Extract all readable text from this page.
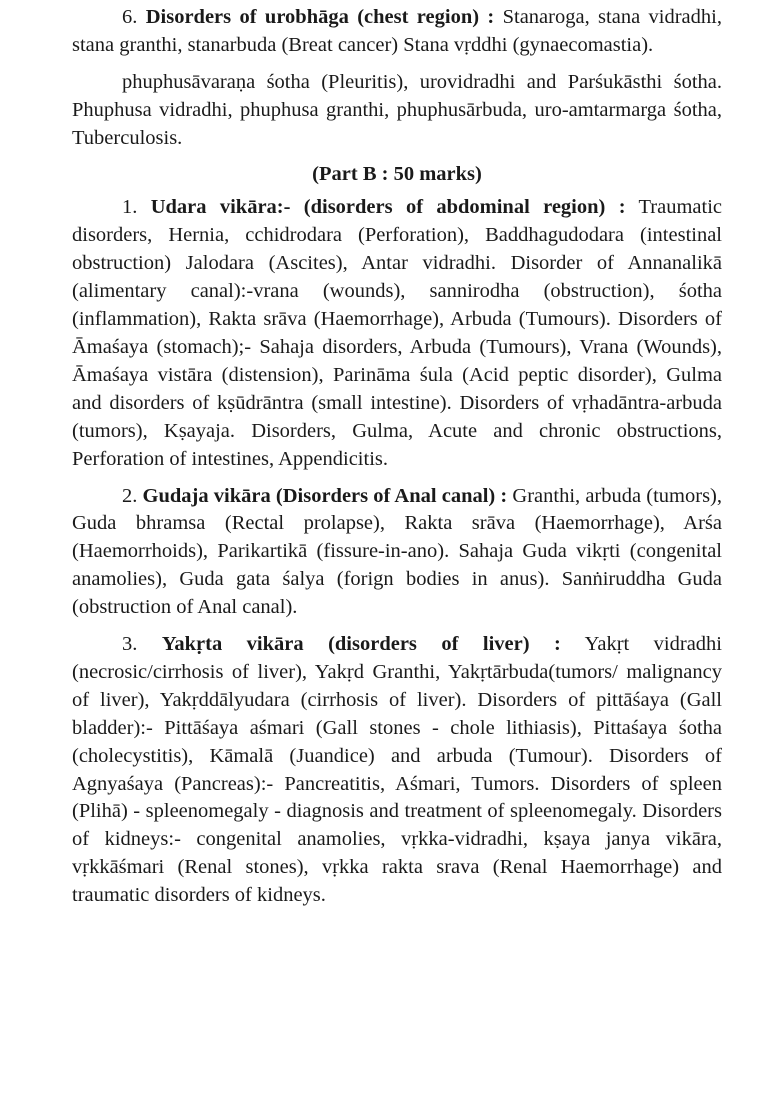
6. Disorders of urobhāga (chest region) : Stanaroga, stana vidradhi, stana granthi, stanarbuda (Breat cancer) Stana vṛddhi (gynaecomastia).

phuphusāvaraṇa śotha (Pleuritis), urovidradhi and Parśukāsthi śotha. Phuphusa vidradhi, phuphusa granthi, phuphusārbuda, uro-amtarmarga śotha, Tuberculosis.

(Part B : 50 marks)

1. Udara vikāra:- (disorders of abdominal region) : Traumatic disorders, Hernia, cchidrodara (Perforation), Baddhagudodara (intestinal obstruction) Jalodara (Ascites), Antar vidradhi. Disorder of Annanalikā (alimentary canal):-vrana (wounds), sannirodha (obstruction), śotha (inflammation), Rakta srāva (Haemorrhage), Arbuda (Tumours). Disorders of Āmaśaya (stomach);- Sahaja disorders, Arbuda (Tumours), Vrana (Wounds), Āmaśaya vistāra (distension), Parināma śula (Acid peptic disorder), Gulma and disorders of kṣūdrāntra (small intestine). Disorders of vṛhadāntra-arbuda (tumors), Kṣayaja. Disorders, Gulma, Acute and chronic obstructions, Perforation of intestines, Appendicitis.

2. Gudaja vikāra (Disorders of Anal canal) : Granthi, arbuda (tumors), Guda bhramsa (Rectal prolapse), Rakta srāva (Haemorrhage), Arśa (Haemorrhoids), Parikartikā (fissure-in-ano). Sahaja Guda vikṛti (congenital anamolies), Guda gata śalya (forign bodies in anus). Sanṅiruddha Guda (obstruction of Anal canal).

3. Yakṛta vikāra (disorders of liver) : Yakṛt vidradhi (necrosic/cirrhosis of liver), Yakṛd Granthi, Yakṛtārbuda(tumors/ malignancy of liver), Yakṛddālyudara (cirrhosis of liver). Disorders of pittāśaya (Gall bladder):- Pittāśaya aśmari (Gall stones - chole lithiasis), Pittaśaya śotha (cholecystitis), Kāmalā (Juandice) and arbuda (Tumour). Disorders of Agnyaśaya (Pancreas):- Pancreatitis, Aśmari, Tumors. Disorders of spleen (Plihā) - spleenomegaly - diagnosis and treatment of spleenomegaly. Disorders of kidneys:- congenital anamolies, vṛkka-vidradhi, kṣaya janya vikāra, vṛkkāśmari (Renal stones), vṛkka rakta srava (Renal Haemorrhage) and traumatic disorders of kidneys.
